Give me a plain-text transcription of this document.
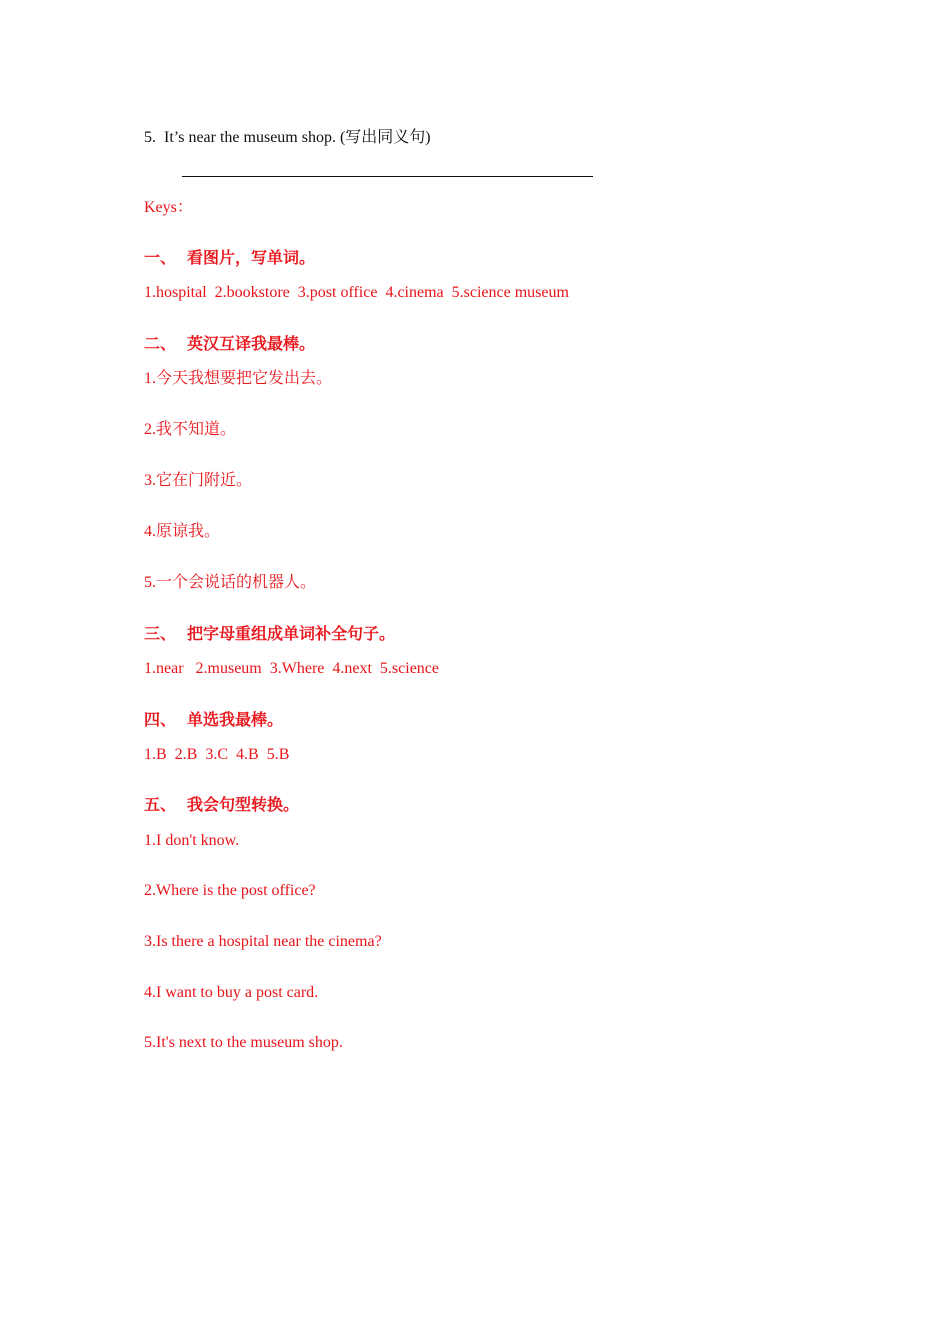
5.  It’s near the museum shop. (写出同义句)
Keys：
一、 看图片，写单词。
1.hospital  2.bookstore  3.post office  4.cinema  5.science museum
二、 英汉互译我最棒。
1.今天我想要把它发出去。
2.我不知道。
3.它在门附近。
4.原谅我。
5.一个会说话的机器人。
三、 把字母重组成单词补全句子。
1.near   2.museum  3.Where  4.next  5.science
四、 单选我最棒。
1.B  2.B  3.C  4.B  5.B
五、 我会句型转换。
1.I don't know.
2.Where is the post office?
3.Is there a hospital near the cinema?
4.I want to buy a post card.
5.It's next to the museum shop.
